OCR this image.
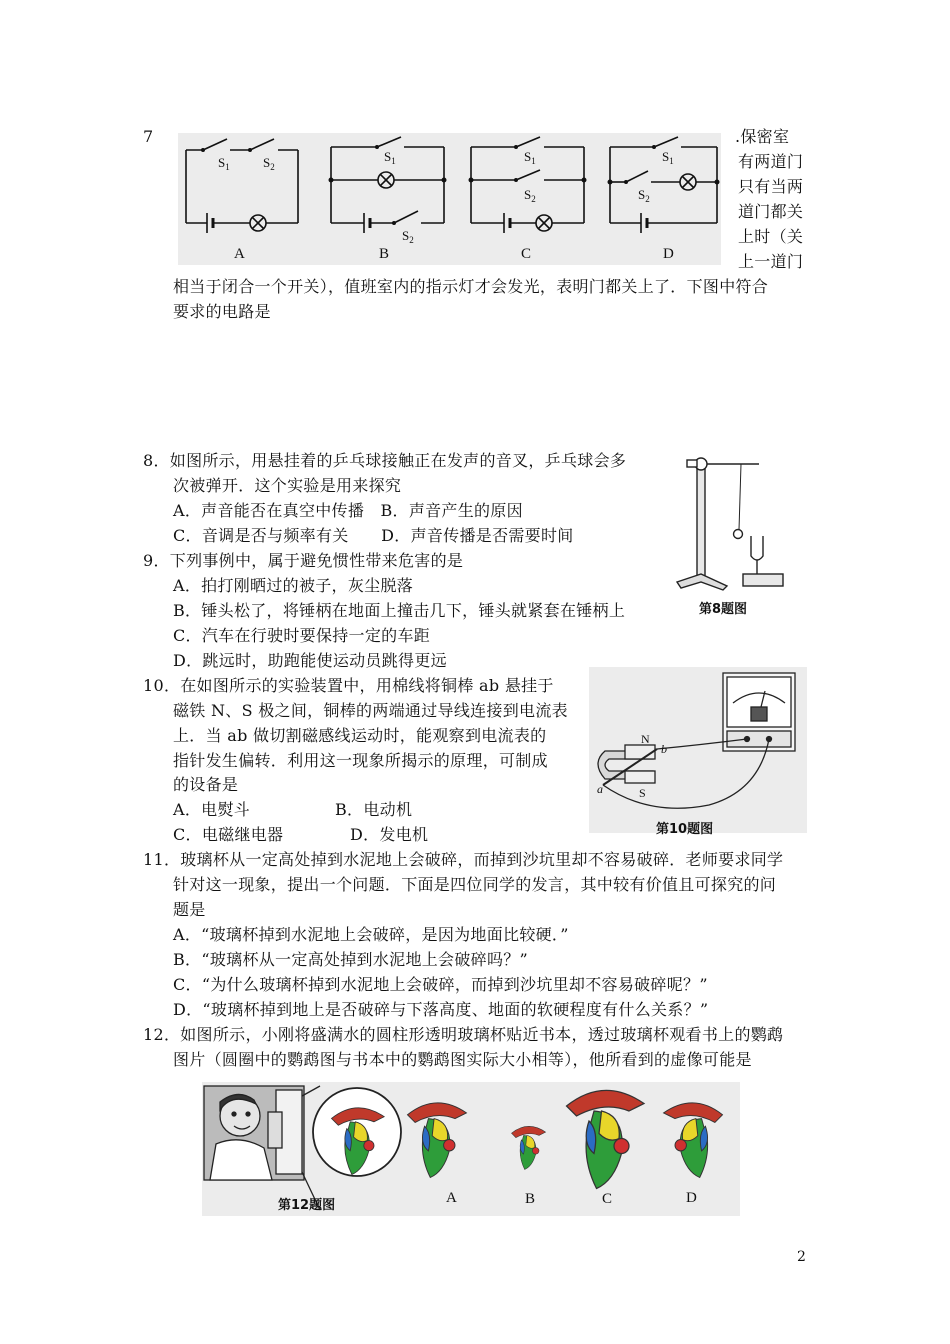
7
$S_1$	$S_2$
$S_1$
$S_2$
$S_1$
$S_2$
$S_1$
$S_2$
A	B	C	D
.保密室
有两道门
只有当两
道门都关
上时（关
上一道门
相当于闭合一个开关），值班室内的指示灯才会发光，表明门都关上了．下图中符合
要求的电路是
8．如图所示，用悬挂着的乒乓球接触正在发声的音叉，乒乓球会多
次被弹开．这个实验是用来探究
A．声音能否在真空中传播　B．声音产生的原因
C．音调是否与频率有关　　D．声音传播是否需要时间
第8题图
9．下列事例中，属于避免惯性带来危害的是
A．拍打刚晒过的被子，灰尘脱落
B．锤头松了，将锤柄在地面上撞击几下，锤头就紧套在锤柄上
C．汽车在行驶时要保持一定的车距
D．跳远时，助跑能使运动员跳得更远
10．在如图所示的实验装置中，用棉线将铜棒 ab 悬挂于
磁铁 N、S 极之间，铜棒的两端通过导线连接到电流表
上．当 ab 做切割磁感线运动时，能观察到电流表的
指针发生偏转．利用这一现象所揭示的原理，可制成
的设备是
A．电熨斗	B．电动机
C．电磁继电器	D．发电机
N
S
a
b
第10题图
11．玻璃杯从一定高处掉到水泥地上会破碎，而掉到沙坑里却不容易破碎．老师要求同学
针对这一现象，提出一个问题．下面是四位同学的发言，其中较有价值且可探究的问
题是
A．“玻璃杯掉到水泥地上会破碎，是因为地面比较硬．”
B．“玻璃杯从一定高处掉到水泥地上会破碎吗？”
C．“为什么玻璃杯掉到水泥地上会破碎，而掉到沙坑里却不容易破碎呢？”
D．“玻璃杯掉到地上是否破碎与下落高度、地面的软硬程度有什么关系？”
12．如图所示，小刚将盛满水的圆柱形透明玻璃杯贴近书本，透过玻璃杯观看书上的鹦鹉
图片（圆圈中的鹦鹉图与书本中的鹦鹉图实际大小相等），他所看到的虚像可能是
A	B	C	D
第12题图
2
